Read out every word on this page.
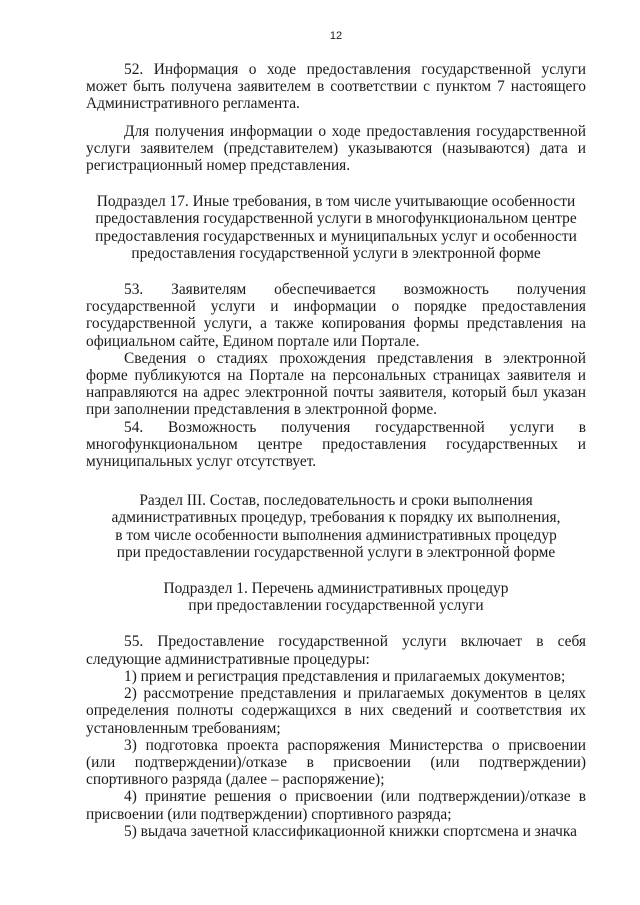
12

52. Информация о ходе предоставления государственной услуги может быть получена заявителем в соответствии с пунктом 7 настоящего Административного регламента.

Для получения информации о ходе предоставления государственной услуги заявителем (представителем) указываются (называются) дата и регистрационный номер представления.

Подраздел 17. Иные требования, в том числе учитывающие особенности
предоставления государственной услуги в многофункциональном центре
предоставления государственных и муниципальных услуг и особенности
предоставления государственной услуги в электронной форме

53. Заявителям обеспечивается возможность получения государственной услуги и информации о порядке предоставления государственной услуги, а также копирования формы представления на официальном сайте, Едином портале или Портале.

Сведения о стадиях прохождения представления в электронной форме публикуются на Портале на персональных страницах заявителя и направляются на адрес электронной почты заявителя, который был указан при заполнении представления в электронной форме.

54. Возможность получения государственной услуги в многофункциональном центре предоставления государственных и муниципальных услуг отсутствует.

Раздел III. Состав, последовательность и сроки выполнения
административных процедур, требования к порядку их выполнения,
в том числе особенности выполнения административных процедур
при предоставлении государственной услуги в электронной форме
Подраздел 1. Перечень административных процедур
при предоставлении государственной услуги

55. Предоставление государственной услуги включает в себя следующие административные процедуры:

1) прием и регистрация представления и прилагаемых документов;

2) рассмотрение представления и прилагаемых документов в целях определения полноты содержащихся в них сведений и соответствия их установленным требованиям;

3) подготовка проекта распоряжения Министерства о присвоении (или подтверждении)/отказе в присвоении (или подтверждении) спортивного разряда (далее – распоряжение);

4) принятие решения о присвоении (или подтверждении)/отказе в присвоении (или подтверждении) спортивного разряда;

5) выдача зачетной классификационной книжки спортсмена и значка
